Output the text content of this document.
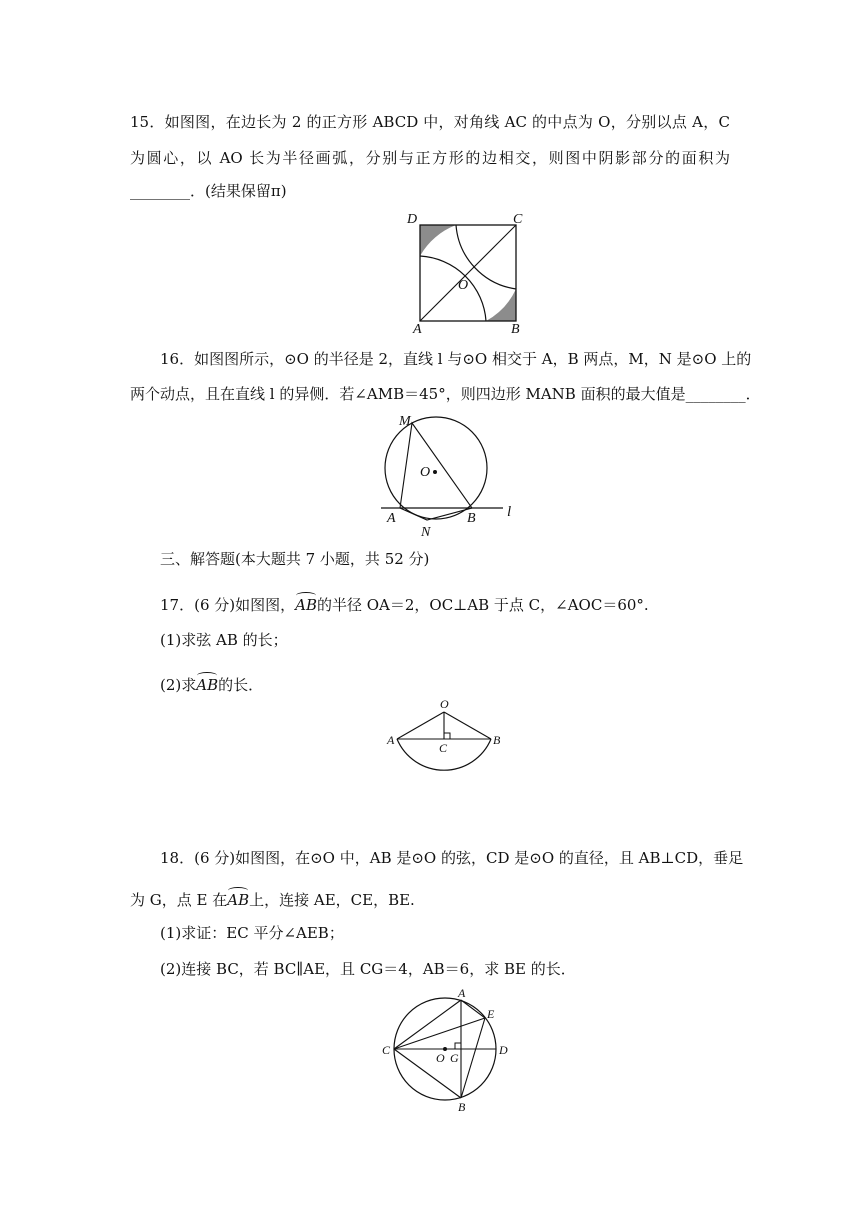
15．如图图，在边长为 2 的正方形 ABCD 中，对角线 AC 的中点为 O，分别以点 A，C
为圆心，以 AO 长为半径画弧，分别与正方形的边相交，则图中阴影部分的面积为
________．(结果保留π)
D	C
O
A	B
16．如图图所示，⊙O 的半径是 2，直线 l 与⊙O 相交于 A，B 两点，M，N 是⊙O 上的
两个动点，且在直线 l 的异侧．若∠AMB＝45°，则四边形 MANB 面积的最大值是________．
M
O
A	B
N
l
三、解答题(本大题共 7 小题，共 52 分)
17．(6 分)如图图，AB的半径 OA＝2，OC⊥AB 于点 C，∠AOC＝60°.
(1)求弦 AB 的长；
(2)求AB的长．
O
A	B
C
18．(6 分)如图图，在⊙O 中，AB 是⊙O 的弦，CD 是⊙O 的直径，且 AB⊥CD，垂足
为 G，点 E 在AB上，连接 AE，CE，BE.
(1)求证：EC 平分∠AEB；
(2)连接 BC，若 BC∥AE，且 CG＝4，AB＝6，求 BE 的长．
A
E
C
O G
D
B
